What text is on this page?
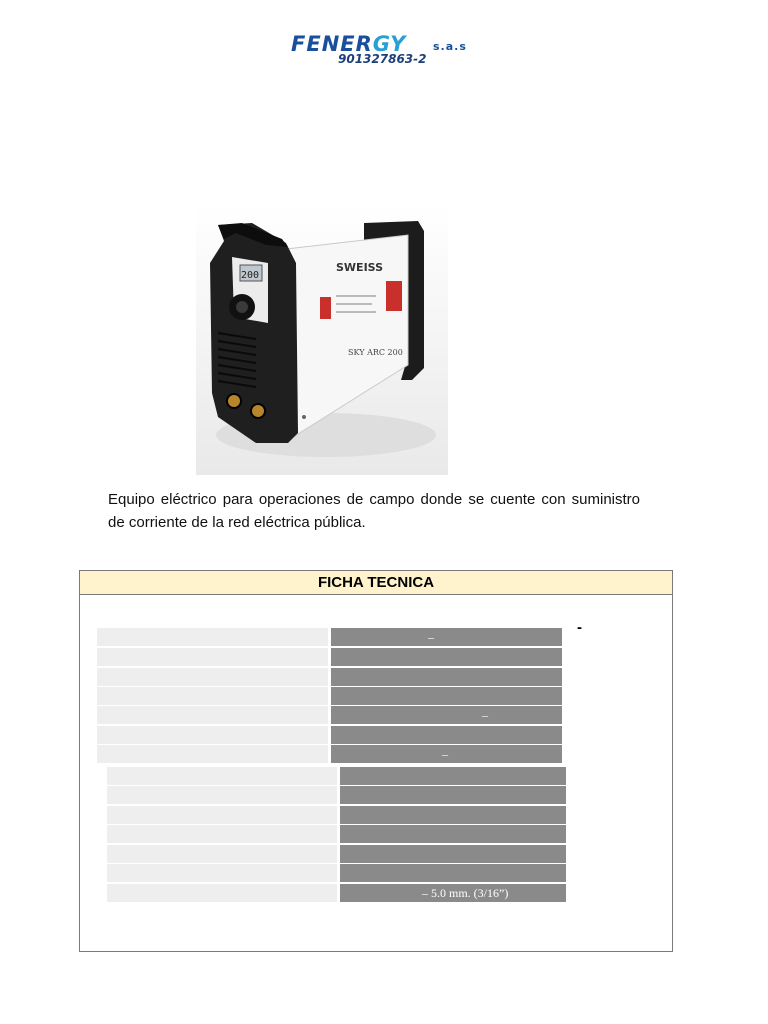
FENERGY s.a.s
901327863-2
200
SWEISS
SKY ARC 200

Equipo eléctrico para operaciones de campo donde se cuente con suministro de corriente de la red eléctrica pública.

FICHA TECNICA
-
–
–
–
– 5.0 mm. (3/16”)
